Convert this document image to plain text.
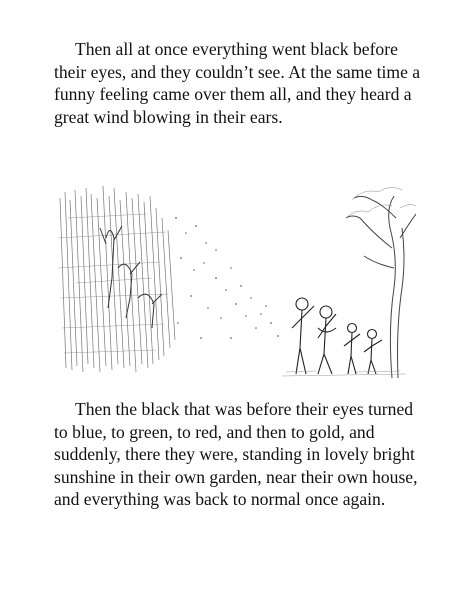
Then all at once everything went black before their eyes, and they couldn’t see. At the same time a funny feeling came over them all, and they heard a great wind blowing in their ears.

Then the black that was before their eyes turned to blue, to green, to red, and then to gold, and suddenly, there they were, standing in lovely bright sunshine in their own garden, near their own house, and everything was back to normal once again.
